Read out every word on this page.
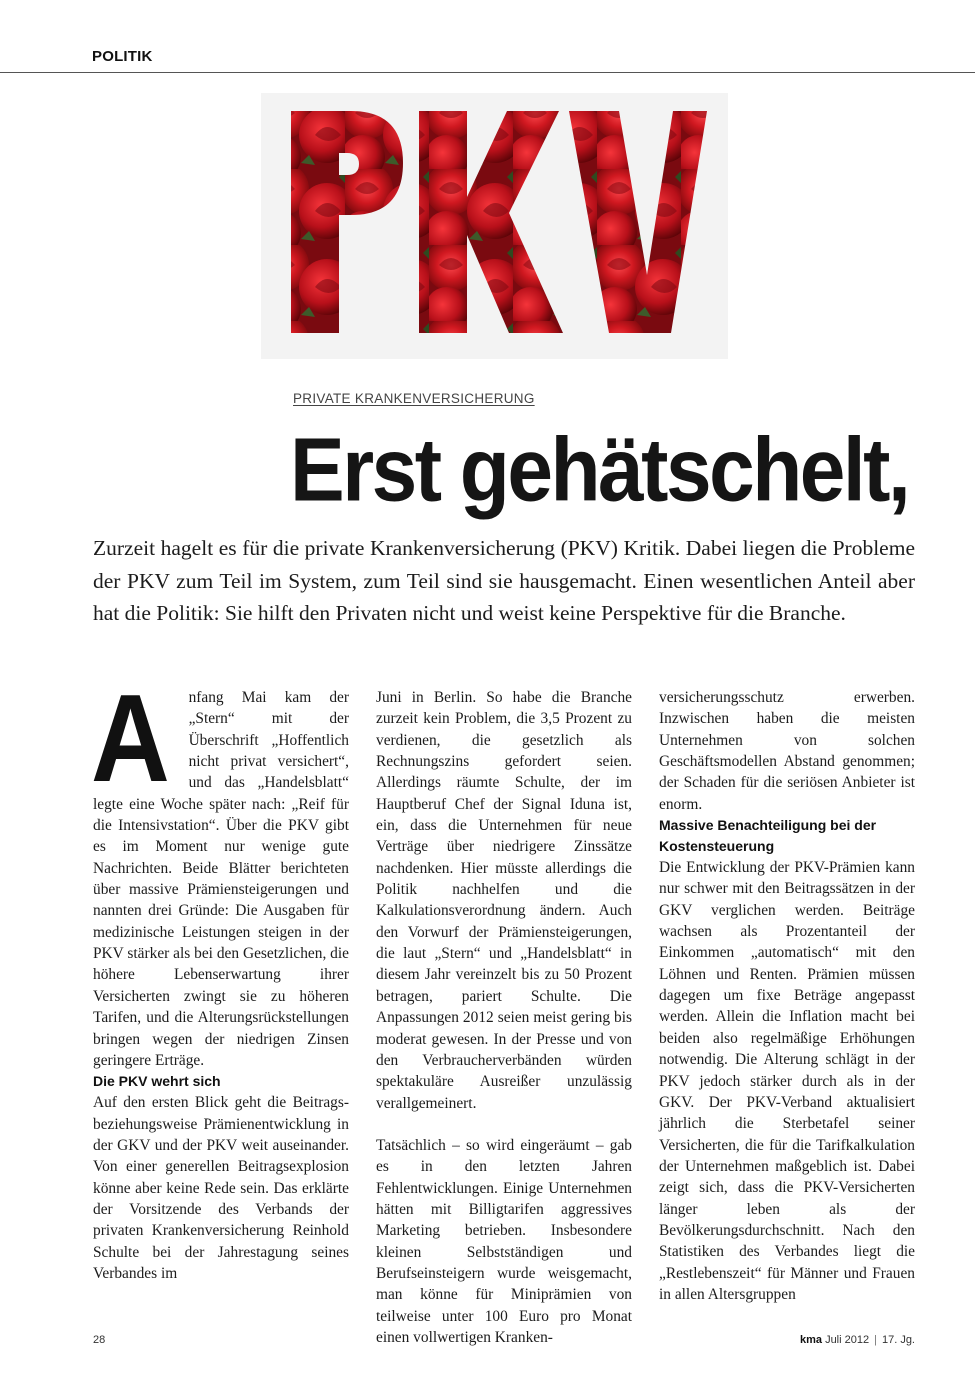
POLITIK
PRIVATE KRANKENVERSICHERUNG
Erst gehätschelt,
Zurzeit hagelt es für die private Krankenversicherung (PKV) Kritik. Dabei liegen die Probleme der PKV zum Teil im System, zum Teil sind sie hausgemacht. Einen wesentlichen Anteil aber hat die Politik: Sie hilft den Privaten nicht und weist keine Perspektive für die Branche.

A nfang Mai kam der „Stern“ mit der Überschrift „Hoffentlich nicht privat versichert“, und das „Handelsblatt“ legte eine Woche später nach: „Reif für die Intensivstation“. Über die PKV gibt es im Moment nur wenige gute Nachrichten. Beide Blätter berichteten über massive Prämiensteigerungen und nannten drei Gründe: Die Ausgaben für medizinische Leistungen steigen in der PKV stärker als bei den Gesetzlichen, die höhere Lebenserwartung ihrer Versicherten zwingt sie zu höheren Tarifen, und die Alterungsrückstellungen bringen wegen der niedrigen Zinsen geringere Erträge.

Die PKV wehrt sich

Auf den ersten Blick geht die Beitrags- beziehungsweise Prämienentwicklung in der GKV und der PKV weit auseinander. Von einer generellen Beitragsexplosion könne aber keine Rede sein. Das erklärte der Vorsitzende des Verbands der privaten Krankenversicherung Reinhold Schulte bei der Jahrestagung seines Verbandes im

Juni in Berlin. So habe die Branche zurzeit kein Problem, die 3,5 Prozent zu verdienen, die gesetzlich als Rechnungszins gefordert seien. Allerdings räumte Schulte, der im Hauptberuf Chef der Signal Iduna ist, ein, dass die Unternehmen für neue Verträge über niedrigere Zinssätze nachdenken. Hier müsste allerdings die Politik nachhelfen und die Kalkulationsverordnung ändern. Auch den Vorwurf der Prämiensteigerungen, die laut „Stern“ und „Handelsblatt“ in diesem Jahr vereinzelt bis zu 50 Prozent betragen, pariert Schulte. Die Anpassungen 2012 seien meist gering bis moderat gewesen. In der Presse und von den Verbraucherverbänden würden spektakuläre Ausreißer unzulässig verallgemeinert.

Tatsächlich – so wird eingeräumt – gab es in den letzten Jahren Fehlentwicklungen. Einige Unternehmen hätten mit Billigtarifen aggressives Marketing betrieben. Insbesondere kleinen Selbstständigen und Berufseinsteigern wurde weisgemacht, man könne für Miniprämien von teilweise unter 100 Euro pro Monat einen vollwertigen Kranken-

versicherungsschutz erwerben. Inzwischen haben die meisten Unternehmen von solchen Geschäftsmodellen Abstand genommen; der Schaden für die seriösen Anbieter ist enorm.

Massive Benachteiligung bei der Kostensteuerung

Die Entwicklung der PKV-Prämien kann nur schwer mit den Beitragssätzen in der GKV verglichen werden. Beiträge wachsen als Prozentanteil der Einkommen „automatisch“ mit den Löhnen und Renten. Prämien müssen dagegen um fixe Beträge angepasst werden. Allein die Inflation macht bei beiden also regelmäßige Erhöhungen notwendig. Die Alterung schlägt in der PKV jedoch stärker durch als in der GKV. Der PKV-Verband aktualisiert jährlich die Sterbetafel seiner Versicherten, die für die Tarifkalkulation der Unternehmen maßgeblich ist. Dabei zeigt sich, dass die PKV-Versicherten länger leben als der Bevölkerungsdurchschnitt. Nach den Statistiken des Verbandes liegt die „Restlebenszeit“ für Männer und Frauen in allen Altersgruppen

28	kma Juli 2012 | 17. Jg.
